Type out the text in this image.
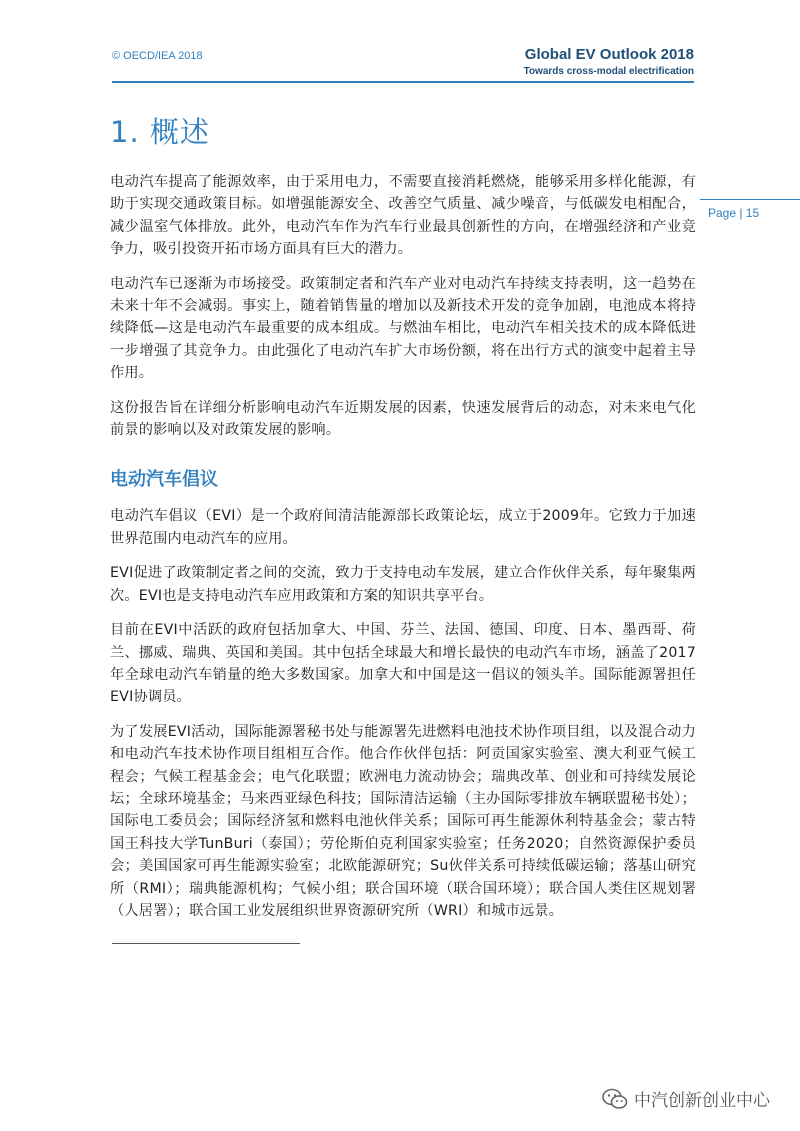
© OECD/IEA 2018	Global EV Outlook 2018
Towards cross-modal electrification
Page | 15
1. 概述

电动汽车提高了能源效率，由于采用电力，不需要直接消耗燃烧，能够采用多样化能源，有助于实现交通政策目标。如增强能源安全、改善空气质量、减少噪音，与低碳发电相配合，减少温室气体排放。此外，电动汽车作为汽车行业最具创新性的方向，在增强经济和产业竞争力，吸引投资开拓市场方面具有巨大的潜力。

电动汽车已逐渐为市场接受。政策制定者和汽车产业对电动汽车持续支持表明，这一趋势在未来十年不会减弱。事实上，随着销售量的增加以及新技术开发的竞争加剧，电池成本将持续降低—这是电动汽车最重要的成本组成。与燃油车相比，电动汽车相关技术的成本降低进一步增强了其竞争力。由此强化了电动汽车扩大市场份额，将在出行方式的演变中起着主导作用。

这份报告旨在详细分析影响电动汽车近期发展的因素，快速发展背后的动态，对未来电气化前景的影响以及对政策发展的影响。

电动汽车倡议

电动汽车倡议（EVI）是一个政府间清洁能源部长政策论坛，成立于2009年。它致力于加速世界范围内电动汽车的应用。

EVI促进了政策制定者之间的交流，致力于支持电动车发展，建立合作伙伴关系，每年聚集两次。EVI也是支持电动汽车应用政策和方案的知识共享平台。

目前在EVI中活跃的政府包括加拿大、中国、芬兰、法国、德国、印度、日本、墨西哥、荷兰、挪威、瑞典、英国和美国。其中包括全球最大和增长最快的电动汽车市场，涵盖了2017年全球电动汽车销量的绝大多数国家。加拿大和中国是这一倡议的领头羊。国际能源署担任EVI协调员。

为了发展EVI活动，国际能源署秘书处与能源署先进燃料电池技术协作项目组，以及混合动力和电动汽车技术协作项目组相互合作。他合作伙伴包括：阿贡国家实验室、澳大利亚气候工程会；气候工程基金会；电气化联盟；欧洲电力流动协会；瑞典改革、创业和可持续发展论坛；全球环境基金；马来西亚绿色科技；国际清洁运输（主办国际零排放车辆联盟秘书处）；国际电工委员会；国际经济氢和燃料电池伙伴关系；国际可再生能源休利特基金会；蒙古特国王科技大学TunBuri（泰国）；劳伦斯伯克利国家实验室；任务2020；自然资源保护委员会；美国国家可再生能源实验室；北欧能源研究；Su伙伴关系可持续低碳运输；落基山研究所（RMI）；瑞典能源机构；气候小组；联合国环境（联合国环境）；联合国人类住区规划署（人居署）；联合国工业发展组织世界资源研究所（WRI）和城市远景。

中汽创新创业中心
